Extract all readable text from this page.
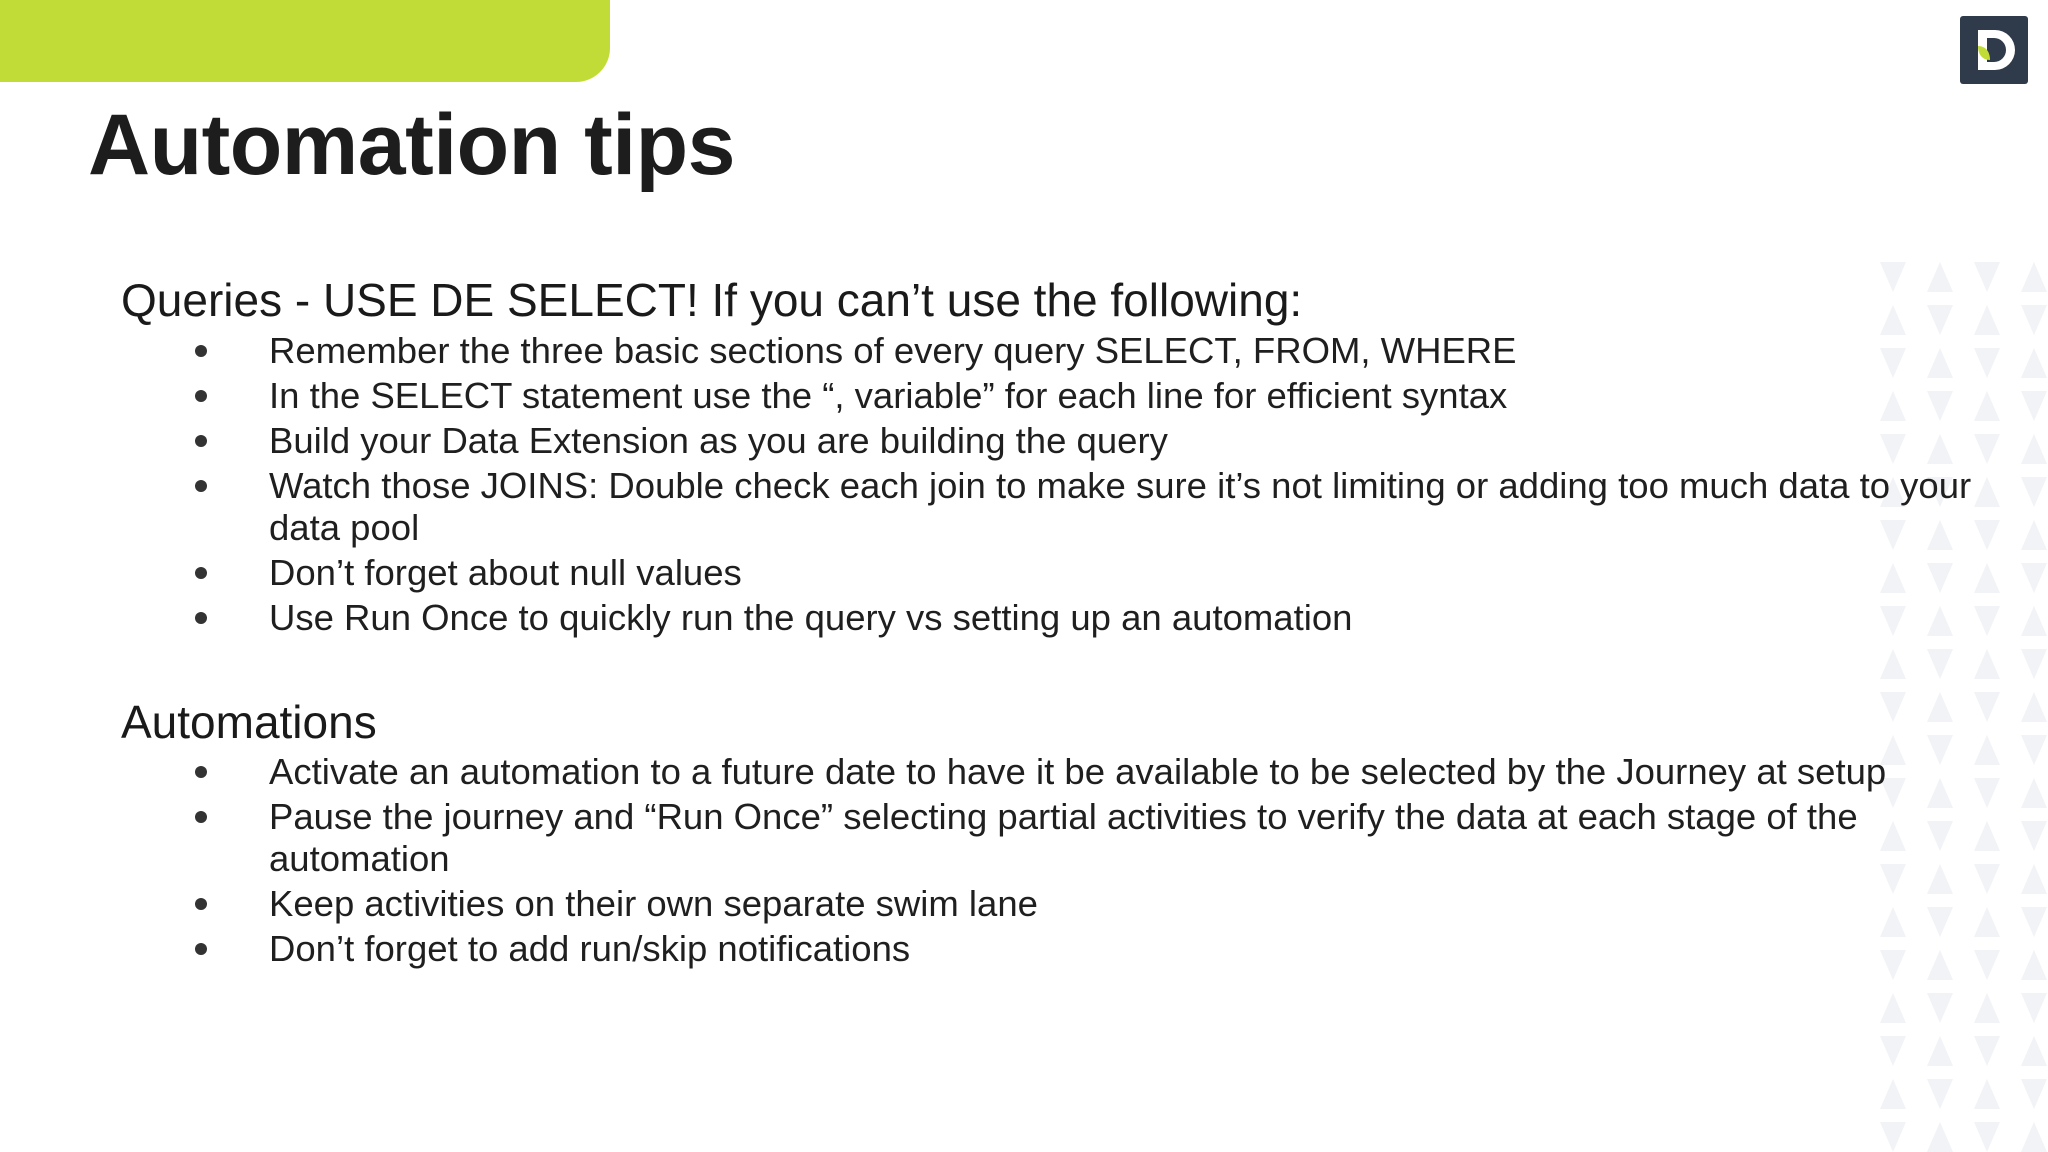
Automation tips
Queries - USE DE SELECT! If you can’t use the following:
Remember the three basic sections of every query SELECT, FROM, WHERE
In the SELECT statement use the “, variable” for each line for efficient syntax
Build your Data Extension as you are building the query
Watch those JOINS: Double check each join to make sure it’s not limiting or adding too much data to your data pool
Don’t forget about null values
Use Run Once to quickly run the query vs setting up an automation
Automations
Activate an automation to a future date to have it be available to be selected by the Journey at setup
Pause the journey and “Run Once” selecting partial activities to verify the data at each stage of the automation
Keep activities on their own separate swim lane
Don’t forget to add run/skip notifications
